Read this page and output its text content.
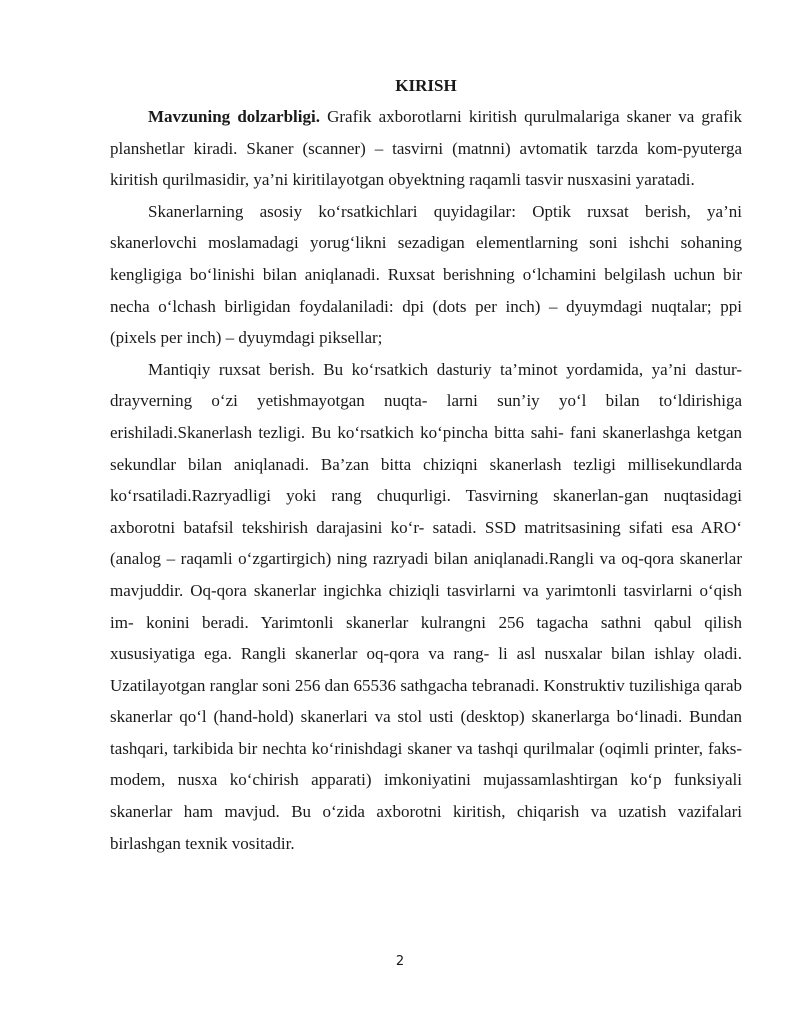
KIRISH

Mavzuning dolzarbligi. Grafik axborotlarni kiritish qurulmalariga skaner va grafik planshetlar kiradi. Skaner (scanner) – tasvirni (matnni) avtomatik tarzda kom-pyuterga kiritish qurilmasidir, ya’ni kiritilayotgan obyektning raqamli tasvir nusxasini yaratadi.

Skanerlarning asosiy ko‘rsatkichlari quyidagilar: Optik ruxsat berish, ya’ni skanerlovchi moslamadagi yorug‘likni sezadigan elementlarning soni ishchi sohaning kengligiga bo‘linishi bilan aniqlanadi. Ruxsat berishning o‘lchamini belgilash uchun bir necha o‘lchash birligidan foydalaniladi: dpi (dots per inch) – dyuymdagi nuqtalar; ppi (pixels per inch) – dyuymdagi piksellar;

Mantiqiy ruxsat berish. Bu ko‘rsatkich dasturiy ta’minot yordamida, ya’ni dastur-drayverning o‘zi yetishmayotgan nuqta- larni sun’iy yo‘l bilan to‘ldirishiga erishiladi.Skanerlash tezligi. Bu ko‘rsatkich ko‘pincha bitta sahi- fani skanerlashga ketgan sekundlar bilan aniqlanadi. Ba’zan bitta chiziqni skanerlash tezligi millisekundlarda ko‘rsatiladi.Razryadligi yoki rang chuqurligi. Tasvirning skanerlan-gan nuqtasidagi axborotni batafsil tekshirish darajasini ko‘r- satadi. SSD matritsasining sifati esa ARO‘ (analog – raqamli o‘zgartirgich) ning razryadi bilan aniqlanadi.Rangli va oq-qora skanerlar mavjuddir. Oq-qora skanerlar ingichka chiziqli tasvirlarni va yarimtonli tasvirlarni o‘qish im- konini beradi. Yarimtonli skanerlar kulrangni 256 tagacha sathni qabul qilish xususiyatiga ega. Rangli skanerlar oq-qora va rang- li asl nusxalar bilan ishlay oladi. Uzatilayotgan ranglar soni 256 dan 65536 sathgacha tebranadi. Konstruktiv tuzilishiga qarab skanerlar qo‘l (hand-hold) skanerlari va stol usti (desktop) skanerlarga bo‘linadi. Bundan tashqari, tarkibida bir nechta ko‘rinishdagi skaner va tashqi qurilmalar (oqimli printer, faks-modem, nusxa ko‘chirish apparati) imkoniyatini mujassamlashtirgan ko‘p funksiyali skanerlar ham mavjud. Bu o‘zida axborotni kiritish, chiqarish va uzatish vazifalari birlashgan texnik vositadir.

2
